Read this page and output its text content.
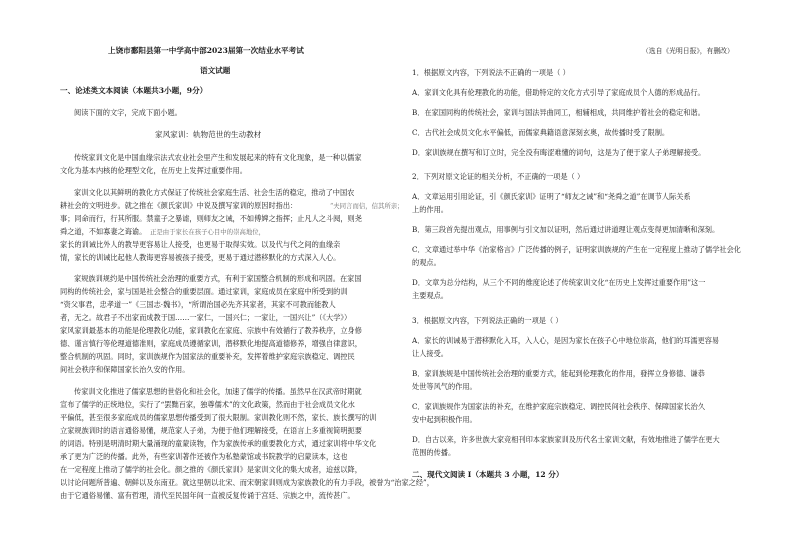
上饶市鄱阳县第一中学高中部2023届第一次结业水平考试
语文试题
一、论述类文本阅读（本题共3小题，9分）
阅读下面的文字，完成下面小题。
家风家训：轨物范世的生动教材
传统家训文化是中国血缘宗法式农业社会里产生和发展起来的特有文化现象，是一种以儒家
文化为基本内核的伦理型文化，在历史上发挥过重要作用。
家训文化以其鲜明的教化方式保证了传统社会家庭生活、社会生活的稳定，推动了中国农
耕社会的文明进步。就之推在《颜氏家训》中说及撰写家训的原因时指出：	“夫同言而信，信其所亲；
事；同命而行，行其所服。禁童子之暴谑，则师友之诫，不如傅婢之指挥；止凡人之斗阋，则尧
舜之道，不如寡妻之诲谕。 正是由于家长在孩子心目中的崇高地位，
家长的训诫比外人的教导更容易让人接受，也更易于取得实效。以及代与代之间的血缘亲
情，家长的训诫比起他人教诲更容易被孩子接受，更易于通过潜移默化的方式深入人心。
家规族训规约是中国传统社会治理的重要方式，有利于家国整合机制的形成和巩固。在家国
同构的传统社会，家与国是社会整合的重要层面。通过家训，家庭成员在家庭中所受到的训
“资父事君，忠孝道一”《三国志·魏书》，“所谓治国必先齐其家者，其家不可教而能教人
者，无之。故君子不出家而成教于国……一家仁，一国兴仁；一家让，一国兴让”（《大学》）
家风家训最基本的功能是伦理教化功能，家训教化在家庭、宗族中有效循行了教养秩序，立身修
德、谨言慎行等伦理道德准则，家庭成员遵循家训，潜移默化地提高道德修养，增强自律意识，
整合机制的巩固。同时，家训族规作为国家法的重要补充，发挥着维护家庭宗族稳定、调控民
间社会秩序和保障国家长治久安的作用。
传家训文化推进了儒家思想的世俗化和社会化，加速了儒学的传播。虽然早在汉武帝时期就
宣布了儒学的正统地位，实行了“罢黜百家，独尊儒术”的文化政策，然而由于社会成员文化水
平偏低，甚至很多家庭成员的儒家思想传播受到了很大限制。家训教化则不然，家长、族长撰写的训
立家规族训时的语言通俗易懂，规范家人子弟，为便于他们理解接受，在语言上多重视简明扼要
的词语。特别是明清时期大量涌现的童蒙读物，作为家族传承的重要教化方式，通过家训将中华文化
承了更为广泛的传播。此外，有些家训著作还被作为私塾蒙馆或书院教学的启蒙读本，这也
在一定程度上推动了儒学的社会化。颜之推的《颜氏家训》是家训文化的集大成者，迨兹以降，
以讨论问题所普遍、朝鲜以及东南亚。就这里朝以北宋、而宋朝家训则成为家族教化的有力手段，被誉为“治家之经”，
由于它通俗易懂、富有哲理，清代至民国年间一直被反复传诵于宫廷、宗族之中，流传甚广。
（选自《光明日报》，有删改）
1．根据原文内容，下列说法不正确的一项是（ ）
A．家训文化具有伦理教化的功能，借助特定的文化方式引导了家庭成员个人德的形成品行。
B．在家国同构的传统社会，家训与国法异曲同工，相辅相成，共同维护着社会的稳定和谐。
C．古代社会成员文化水平偏低，而儒家典籍语意深刻玄奥，故传播时受了限制。
D．家训族规在撰写和订立时，完全没有晦涩难懂的词句，这是为了便于家人子弟理解接受。
2．下列对原文论证的相关分析，不正确的一项是（ ）
A．文章运用引用论证，引《颜氏家训》证明了“师友之诫”和“尧舜之道”在调节人际关系
上的作用。
B．第三段首先提出观点，用事例与引文加以证明，然后通过讲道理让观点变得更加清晰和深刻。
C．文章通过举中华《治家格言》广泛传播的例子，证明家训族规的产生在一定程度上推动了儒学社会化
的观点。
D．文章为总分结构，从三个不同的维度论述了传统家训文化“在历史上发挥过重要作用”这一
主要观点。
3．根据原文内容，下列说法正确的一项是（ ）
A．家长的训诫易于潜移默化入耳，入人心，是因为家长在孩子心中地位崇高，他们的耳濡更容易
让人接受。
B．家训族规是中国传统社会治理的重要方式，能起到伦理教化的作用，發挥立身修德、谦恭
处世等风气的作用。
C．家训族规作为国家法的补充，在维护家庭宗族稳定、调控民间社会秩序、保障国家长治久
安中起到积极作用。
D．自古以来，许多世族大家竞相刊印本家族家训及历代名士家训文献，有效地推进了儒学在更大
范围的传播。
二、现代文阅读 I（本题共 3 小题，12 分）
